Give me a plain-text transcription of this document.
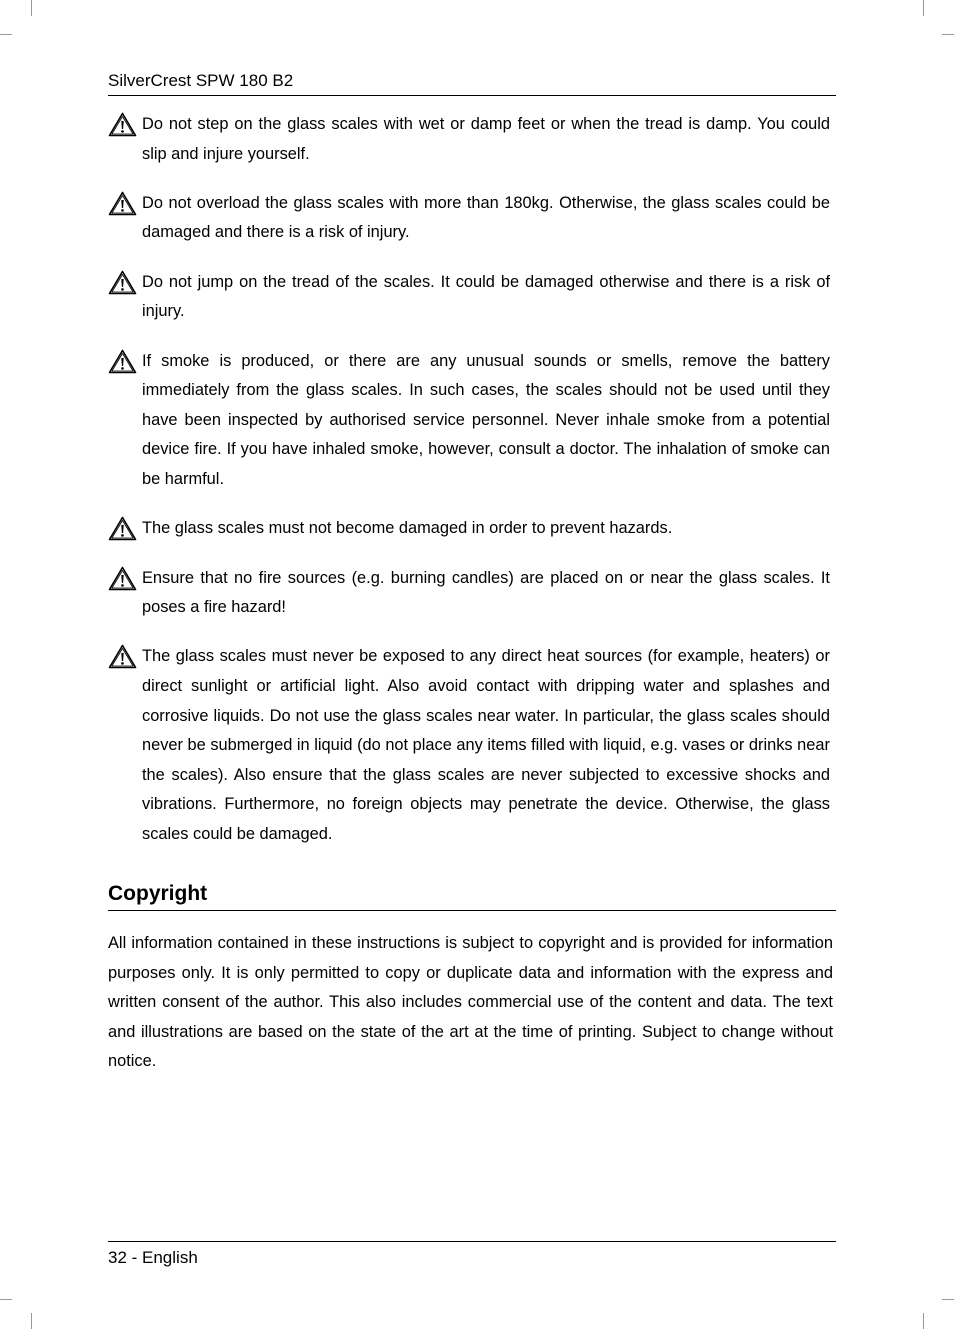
SilverCrest SPW 180 B2

Do not step on the glass scales with wet or damp feet or when the tread is damp. You could slip and injure yourself.

Do not overload the glass scales with more than 180kg. Otherwise, the glass scales could be damaged and there is a risk of injury.

Do not jump on the tread of the scales. It could be damaged otherwise and there is a risk of injury.

If smoke is produced, or there are any unusual sounds or smells, remove the battery immediately from the glass scales. In such cases, the scales should not be used until they have been inspected by authorised service personnel. Never inhale smoke from a potential device fire. If you have inhaled smoke, however, consult a doctor. The inhalation of smoke can be harmful.

The glass scales must not become damaged in order to prevent hazards.

Ensure that no fire sources (e.g. burning candles) are placed on or near the glass scales. It poses a fire hazard!

The glass scales must never be exposed to any direct heat sources (for example, heaters) or direct sunlight or artificial light. Also avoid contact with dripping water and splashes and corrosive liquids. Do not use the glass scales near water. In particular, the glass scales should never be submerged in liquid (do not place any items filled with liquid, e.g. vases or drinks near the scales). Also ensure that the glass scales are never subjected to excessive shocks and vibrations. Furthermore, no foreign objects may penetrate the device. Otherwise, the glass scales could be damaged.

Copyright

All information contained in these instructions is subject to copyright and is provided for information purposes only. It is only permitted to copy or duplicate data and information with the express and written consent of the author. This also includes commercial use of the content and data. The text and illustrations are based on the state of the art at the time of printing. Subject to change without notice.

32 - English
